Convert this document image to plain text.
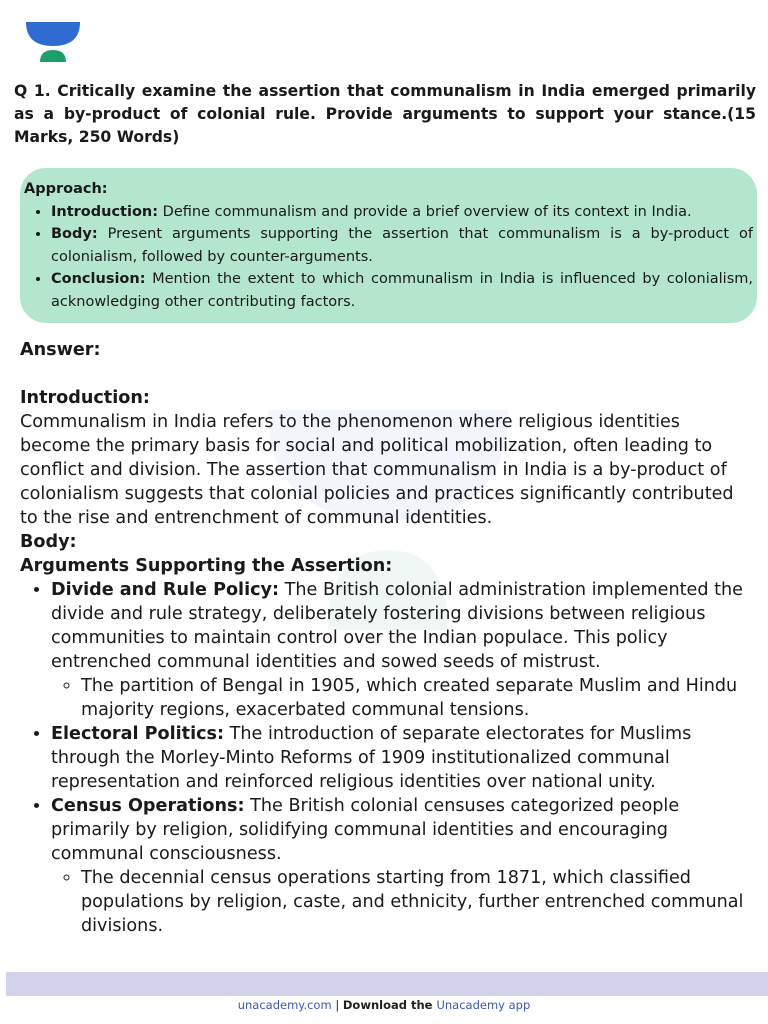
Q 1. Critically examine the assertion that communalism in India emerged primarily as a by-product of colonial rule. Provide arguments to support your stance.(15 Marks, 250 Words)
Approach:
• Introduction: Define communalism and provide a brief overview of its context in India.
• Body: Present arguments supporting the assertion that communalism is a by-product of colonialism, followed by counter-arguments.
• Conclusion: Mention the extent to which communalism in India is influenced by colonialism, acknowledging other contributing factors.
Answer:
Introduction:
Communalism in India refers to the phenomenon where religious identities become the primary basis for social and political mobilization, often leading to conflict and division. The assertion that communalism in India is a by-product of colonialism suggests that colonial policies and practices significantly contributed to the rise and entrenchment of communal identities.
Body:
Arguments Supporting the Assertion:
• Divide and Rule Policy: The British colonial administration implemented the divide and rule strategy, deliberately fostering divisions between religious communities to maintain control over the Indian populace. This policy entrenched communal identities and sowed seeds of mistrust.
◦ The partition of Bengal in 1905, which created separate Muslim and Hindu majority regions, exacerbated communal tensions.
• Electoral Politics: The introduction of separate electorates for Muslims through the Morley-Minto Reforms of 1909 institutionalized communal representation and reinforced religious identities over national unity.
• Census Operations: The British colonial censuses categorized people primarily by religion, solidifying communal identities and encouraging communal consciousness.
◦ The decennial census operations starting from 1871, which classified populations by religion, caste, and ethnicity, further entrenched communal divisions.
unacademy.com | Download the Unacademy app
